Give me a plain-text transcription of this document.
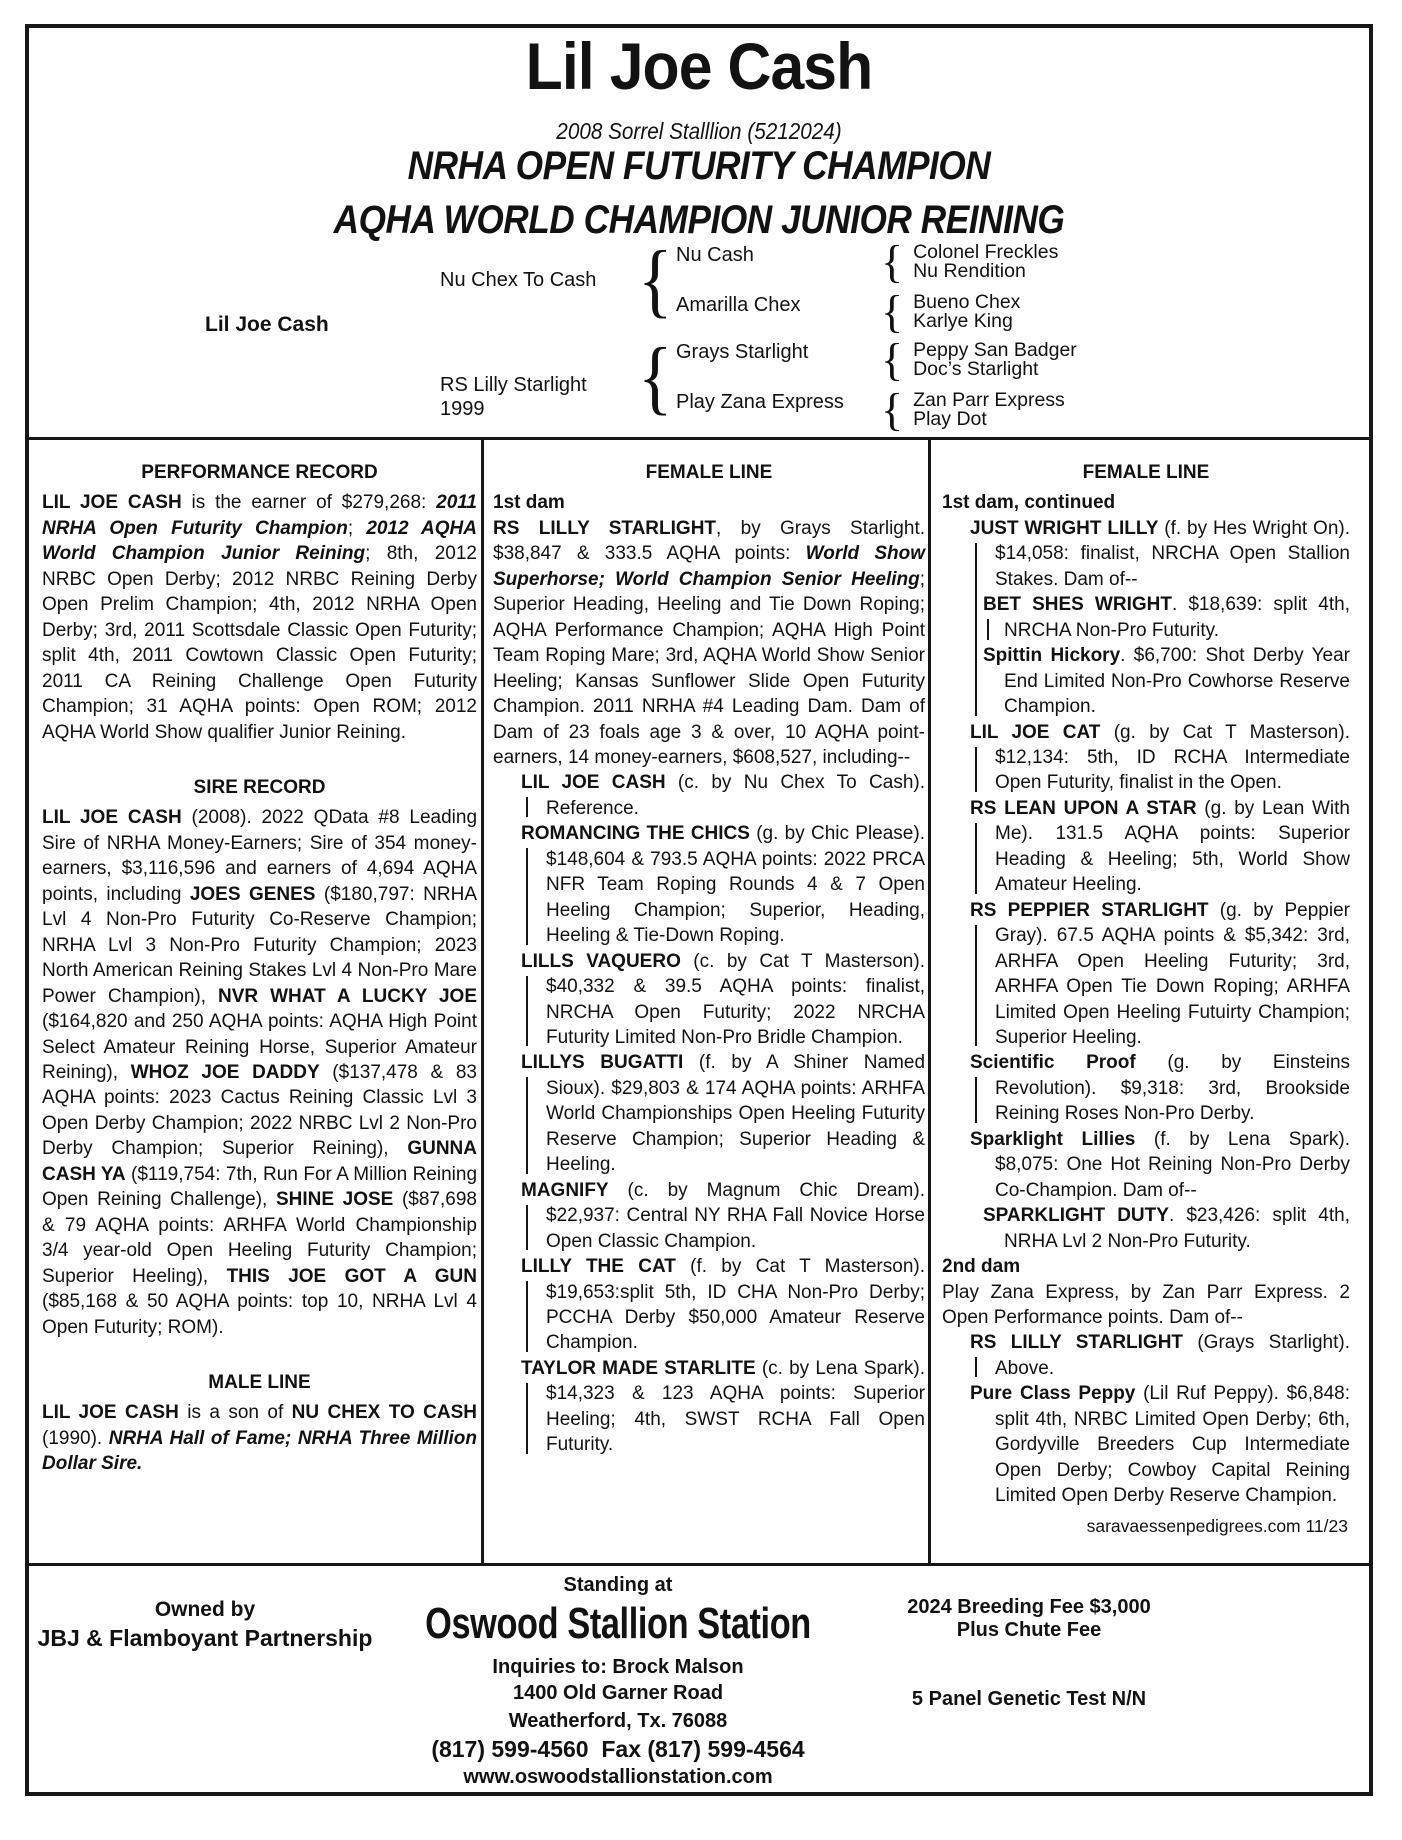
Lil Joe Cash
2008 Sorrel Stalllion (5212024)
NRHA OPEN FUTURITY CHAMPION
AQHA WORLD CHAMPION JUNIOR REINING
Lil Joe Cash
Nu Chex To Cash
RS Lilly Starlight
1999
{
{
Nu Cash
Amarilla Chex
Grays Starlight
Play Zana Express
{ Colonel Freckles
Nu Rendition
{ Bueno Chex
Karlye King
{ Peppy San Badger
Doc’s Starlight
{ Zan Parr Express
Play Dot
PERFORMANCE RECORD

LIL JOE CASH is the earner of $279,268: 2011 NRHA Open Futurity Champion; 2012 AQHA World Champion Junior Reining; 8th, 2012 NRBC Open Derby; 2012 NRBC Reining Derby Open Prelim Champion; 4th, 2012 NRHA Open Derby; 3rd, 2011 Scottsdale Classic Open Futurity; split 4th, 2011 Cowtown Classic Open Futurity; 2011 CA Reining Challenge Open Futurity Champion; 31 AQHA points: Open ROM; 2012 AQHA World Show qualifier Junior Reining.

SIRE RECORD

LIL JOE CASH (2008). 2022 QData #8 Leading Sire of NRHA Money-Earners; Sire of 354 money-earners, $3,116,596 and earners of 4,694 AQHA points, including JOES GENES ($180,797: NRHA Lvl 4 Non-Pro Futurity Co-Reserve Champion; NRHA Lvl 3 Non-Pro Futurity Champion; 2023 North American Reining Stakes Lvl 4 Non-Pro Mare Power Champion), NVR WHAT A LUCKY JOE ($164,820 and 250 AQHA points: AQHA High Point Select Amateur Reining Horse, Superior Amateur Reining), WHOZ JOE DADDY ($137,478 & 83 AQHA points: 2023 Cactus Reining Classic Lvl 3 Open Derby Champion; 2022 NRBC Lvl 2 Non-Pro Derby Champion; Superior Reining), GUNNA CASH YA ($119,754: 7th, Run For A Million Reining Open Reining Challenge), SHINE JOSE ($87,698 & 79 AQHA points: ARHFA World Championship 3/4 year-old Open Heeling Futurity Champion; Superior Heeling), THIS JOE GOT A GUN ($85,168 & 50 AQHA points: top 10, NRHA Lvl 4 Open Futurity; ROM).

MALE LINE

LIL JOE CASH is a son of NU CHEX TO CASH (1990). NRHA Hall of Fame; NRHA Three Million Dollar Sire.

FEMALE LINE
1st dam

RS LILLY STARLIGHT, by Grays Starlight. $38,847 & 333.5 AQHA points: World Show Superhorse; World Champion Senior Heeling; Superior Heading, Heeling and Tie Down Roping; AQHA Performance Champion; AQHA High Point Team Roping Mare; 3rd, AQHA World Show Senior Heeling; Kansas Sunflower Slide Open Futurity Champion. 2011 NRHA #4 Leading Dam. Dam of Dam of 23 foals age 3 & over, 10 AQHA point-earners, 14 money-earners, $608,527, including--

LIL JOE CASH (c. by Nu Chex To Cash). Reference.

ROMANCING THE CHICS (g. by Chic Please). $148,604 & 793.5 AQHA points: 2022 PRCA NFR Team Roping Rounds 4 & 7 Open Heeling Champion; Superior, Heading, Heeling & Tie-Down Roping.

LILLS VAQUERO (c. by Cat T Masterson). $40,332 & 39.5 AQHA points: finalist, NRCHA Open Futurity; 2022 NRCHA Futurity Limited Non-Pro Bridle Champion.

LILLYS BUGATTI (f. by A Shiner Named Sioux). $29,803 & 174 AQHA points: ARHFA World Championships Open Heeling Futurity Reserve Champion; Superior Heading & Heeling.

MAGNIFY (c. by Magnum Chic Dream). $22,937: Central NY RHA Fall Novice Horse Open Classic Champion.

LILLY THE CAT (f. by Cat T Masterson). $19,653:split 5th, ID CHA Non-Pro Derby; PCCHA Derby $50,000 Amateur Reserve Champion.

TAYLOR MADE STARLITE (c. by Lena Spark). $14,323 & 123 AQHA points: Superior Heeling; 4th, SWST RCHA Fall Open Futurity.

FEMALE LINE
1st dam, continued

JUST WRIGHT LILLY (f. by Hes Wright On). $14,058: finalist, NRCHA Open Stallion Stakes. Dam of--

BET SHES WRIGHT. $18,639: split 4th, NRCHA Non-Pro Futurity.

Spittin Hickory. $6,700: Shot Derby Year End Limited Non-Pro Cowhorse Reserve Champion.

LIL JOE CAT (g. by Cat T Masterson). $12,134: 5th, ID RCHA Intermediate Open Futurity, finalist in the Open.

RS LEAN UPON A STAR (g. by Lean With Me). 131.5 AQHA points: Superior Heading & Heeling; 5th, World Show Amateur Heeling.

RS PEPPIER STARLIGHT (g. by Peppier Gray). 67.5 AQHA points & $5,342: 3rd, ARHFA Open Heeling Futurity; 3rd, ARHFA Open Tie Down Roping; ARHFA Limited Open Heeling Futuirty Champion; Superior Heeling.

Scientific Proof (g. by Einsteins Revolution). $9,318: 3rd, Brookside Reining Roses Non-Pro Derby.

Sparklight Lillies (f. by Lena Spark). $8,075: One Hot Reining Non-Pro Derby Co-Champion. Dam of--

SPARKLIGHT DUTY. $23,426: split 4th, NRHA Lvl 2 Non-Pro Futurity.

2nd dam

Play Zana Express, by Zan Parr Express. 2 Open Performance points. Dam of--

RS LILLY STARLIGHT (Grays Starlight). Above.

Pure Class Peppy (Lil Ruf Peppy). $6,848: split 4th, NRBC Limited Open Derby; 6th, Gordyville Breeders Cup Intermediate Open Derby; Cowboy Capital Reining Limited Open Derby Reserve Champion.

saravaessenpedigrees.com 11/23
Owned by
JBJ & Flamboyant Partnership
Standing at
Oswood Stallion Station
Inquiries to: Brock Malson
1400 Old Garner Road
Weatherford, Tx. 76088
(817) 599-4560  Fax (817) 599-4564
www.oswoodstallionstation.com
2024 Breeding Fee $3,000
Plus Chute Fee
5 Panel Genetic Test N/N
